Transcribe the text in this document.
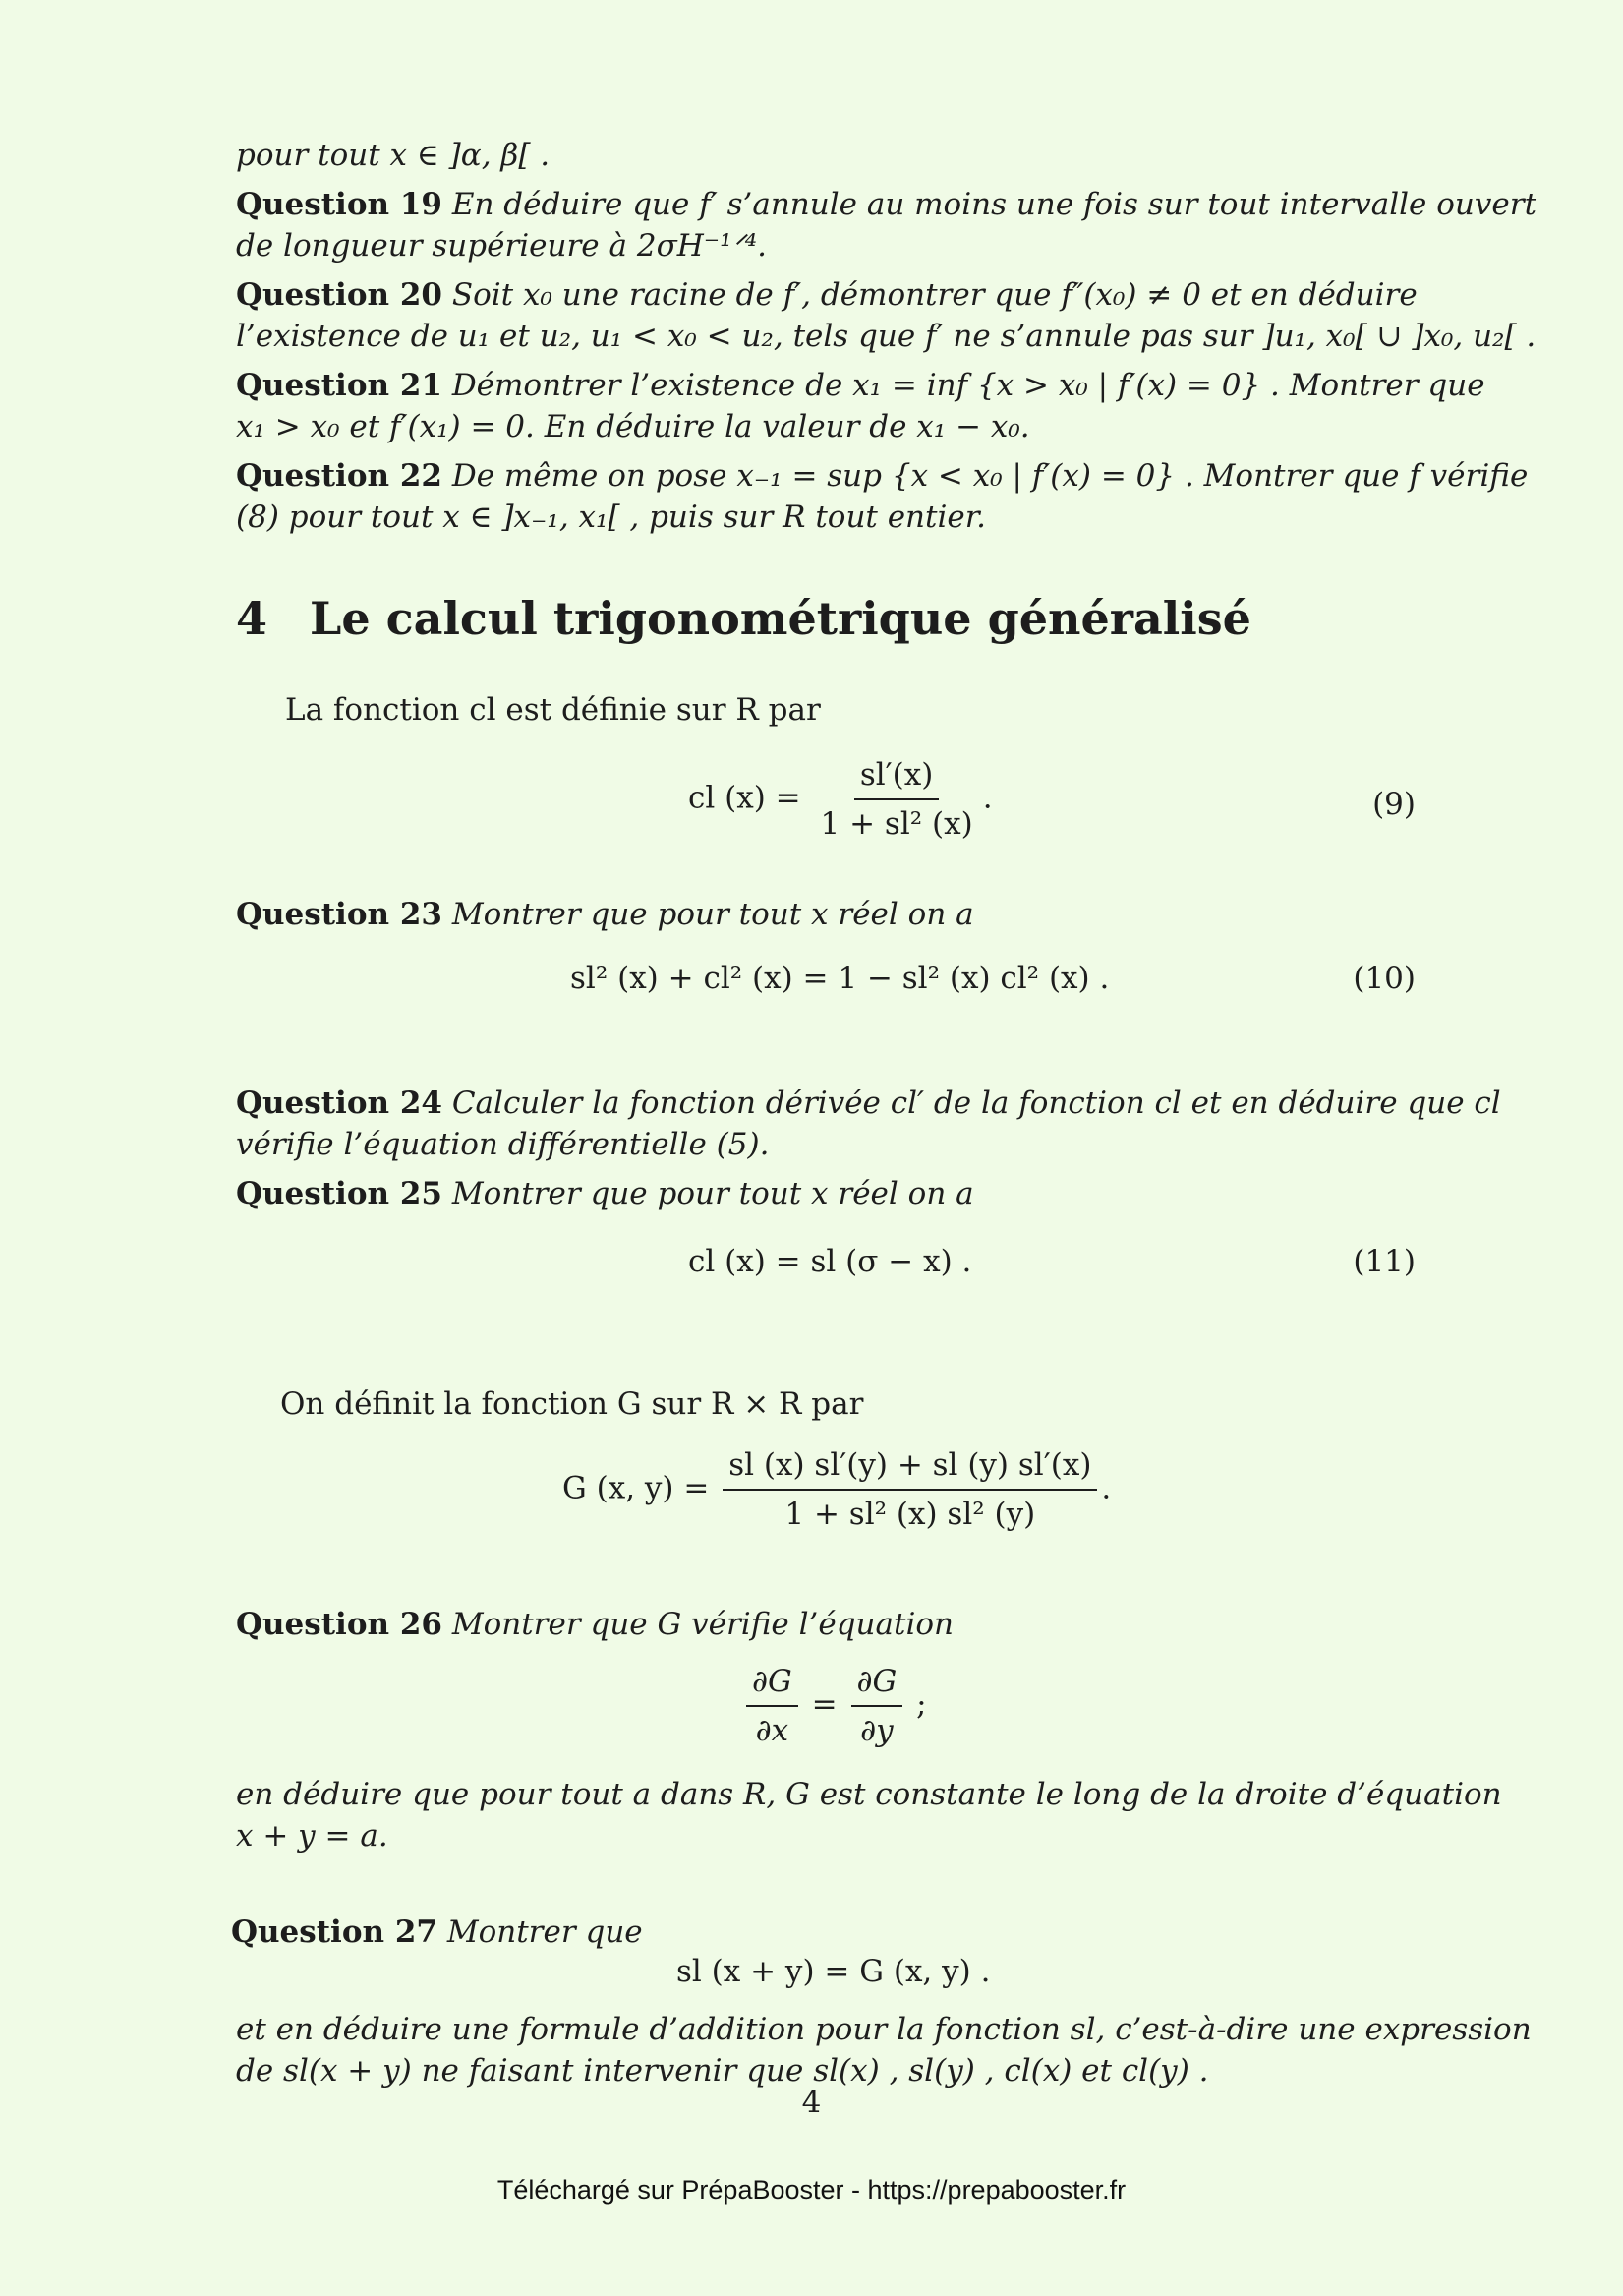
pour tout x ∈ ]α, β[ .
Question 19 En déduire que f′ s’annule au moins une fois sur tout intervalle ouvert
de longueur supérieure à 2σH⁻¹ᐟ⁴.
Question 20 Soit x₀ une racine de f′, démontrer que f″(x₀) ≠ 0 et en déduire
l’existence de u₁ et u₂, u₁ < x₀ < u₂, tels que f′ ne s’annule pas sur ]u₁, x₀[ ∪ ]x₀, u₂[ .
Question 21 Démontrer l’existence de x₁ = inf {x > x₀ | f′(x) = 0} . Montrer que
x₁ > x₀ et f′(x₁) = 0. En déduire la valeur de x₁ − x₀.
Question 22 De même on pose x₋₁ = sup {x < x₀ | f′(x) = 0} . Montrer que f vérifie
(8) pour tout x ∈ ]x₋₁, x₁[ , puis sur R tout entier.
4 Le calcul trigonométrique généralisé
La fonction cl est définie sur R par
cl $(x) = \frac{sl'(x)}{\text{1 + sl² (x)}}$ .	(9)
Question 23 Montrer que pour tout x réel on a
sl² (x) + cl² (x) = 1 − sl² (x) cl² (x) .	(10)
Question 24 Calculer la fonction dérivée cl′ de la fonction cl et en déduire que cl
vérifie l’équation différentielle (5).
Question 25 Montrer que pour tout x réel on a
cl (x) = sl (σ − x) .	(11)
On définit la fonction G sur R × R par
G (x, $y) = \frac{sl (x) sl'(y) + sl (y) sl'(x)}{\text{1 + sl² (x) sl² (y)}}$ .
Question 26 Montrer que G vérifie l’équation
$\frac{\partial G}{\partial x} = \frac{\partial G}{\partial y}$ ;
en déduire que pour tout a dans R, G est constante le long de la droite d’équation
x + y = a.
Question 27 Montrer que
sl (x + y) = G (x, y) .
et en déduire une formule d’addition pour la fonction sl, c’est-à-dire une expression
de sl(x + y) ne faisant intervenir que sl(x) , sl(y) , cl(x) et cl(y) .
4
Téléchargé sur PrépaBooster - https://prepabooster.fr
